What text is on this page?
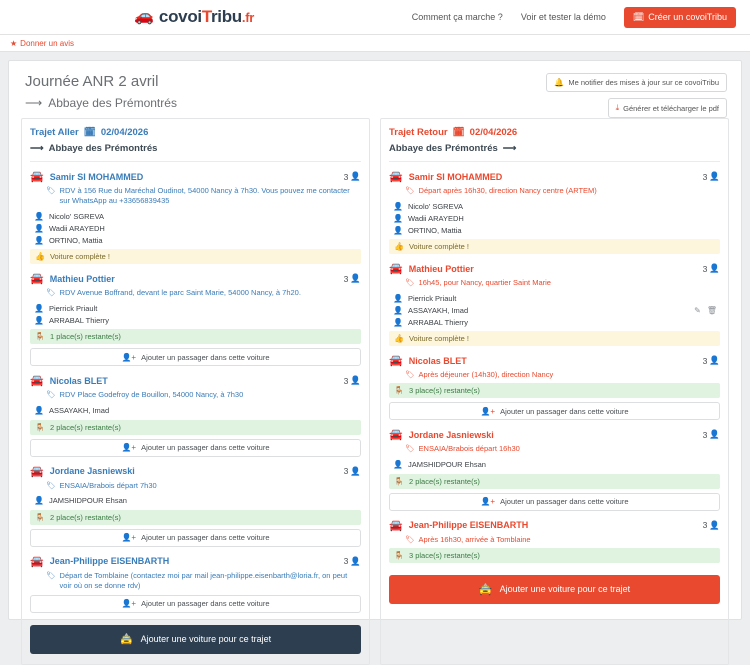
🚗 covoiTribu.fr	Comment ça marche ? Voir et tester la démo	🗓 Créer un covoiTribu
★ Donner un avis
Journée ANR 2 avril
⟶ Abbaye des Prémontrés
🔔 Me notifier des mises à jour sur ce covoiTribu
⤓ Générer et télécharger le pdf
Trajet Aller 🗓 02/04/2026
⟶ Abbaye des Prémontrés
🚘 Samir SI MOHAMMED	3 👤
🏷 RDV à 156 Rue du Maréchal Oudinot, 54000 Nancy à 7h30. Vous pouvez me contacter sur WhatsApp au +33656839435
👤 Nicolo' SGREVA
👤 Wadii ARAYEDH
👤 ORTINO, Mattia
👍 Voiture complète !
🚘 Mathieu Pottier	3 👤
🏷 RDV Avenue Boffrand, devant le parc Saint Marie, 54000 Nancy, à 7h20.
👤 Pierrick Priault
👤 ARRABAL Thierry
🪑 1 place(s) restante(s)
👤+ Ajouter un passager dans cette voiture
🚘 Nicolas BLET	3 👤
🏷 RDV Place Godefroy de Bouillon, 54000 Nancy, à 7h30
👤 ASSAYAKH, Imad
🪑 2 place(s) restante(s)
👤+ Ajouter un passager dans cette voiture
🚘 Jordane Jasniewski	3 👤
🏷 ENSAIA/Brabois départ 7h30
👤 JAMSHIDPOUR Ehsan
🪑 2 place(s) restante(s)
👤+ Ajouter un passager dans cette voiture
🚘 Jean-Philippe EISENBARTH	3 👤
🏷 Départ de Tomblaine (contactez moi par mail jean-philippe.eisenbarth@loria.fr, on peut voir où on se donne rdv)
👤+ Ajouter un passager dans cette voiture
🚖 Ajouter une voiture pour ce trajet
Trajet Retour 🗓 02/04/2026
Abbaye des Prémontrés ⟶
🚘 Samir SI MOHAMMED	3 👤
🏷 Départ après 16h30, direction Nancy centre (ARTEM)
👤 Nicolo' SGREVA
👤 Wadii ARAYEDH
👤 ORTINO, Mattia
👍 Voiture complète !
🚘 Mathieu Pottier	3 👤
🏷 16h45, pour Nancy, quartier Saint Marie
👤 Pierrick Priault
👤 ASSAYAKH, Imad	✎ 🗑
👤 ARRABAL Thierry
👍 Voiture complète !
🚘 Nicolas BLET	3 👤
🏷 Après déjeuner (14h30), direction Nancy
🪑 3 place(s) restante(s)
👤+ Ajouter un passager dans cette voiture
🚘 Jordane Jasniewski	3 👤
🏷 ENSAIA/Brabois départ 16h30
👤 JAMSHIDPOUR Ehsan
🪑 2 place(s) restante(s)
👤+ Ajouter un passager dans cette voiture
🚘 Jean-Philippe EISENBARTH	3 👤
🏷 Après 16h30, arrivée à Tomblaine
🪑 3 place(s) restante(s)
🚖 Ajouter une voiture pour ce trajet
